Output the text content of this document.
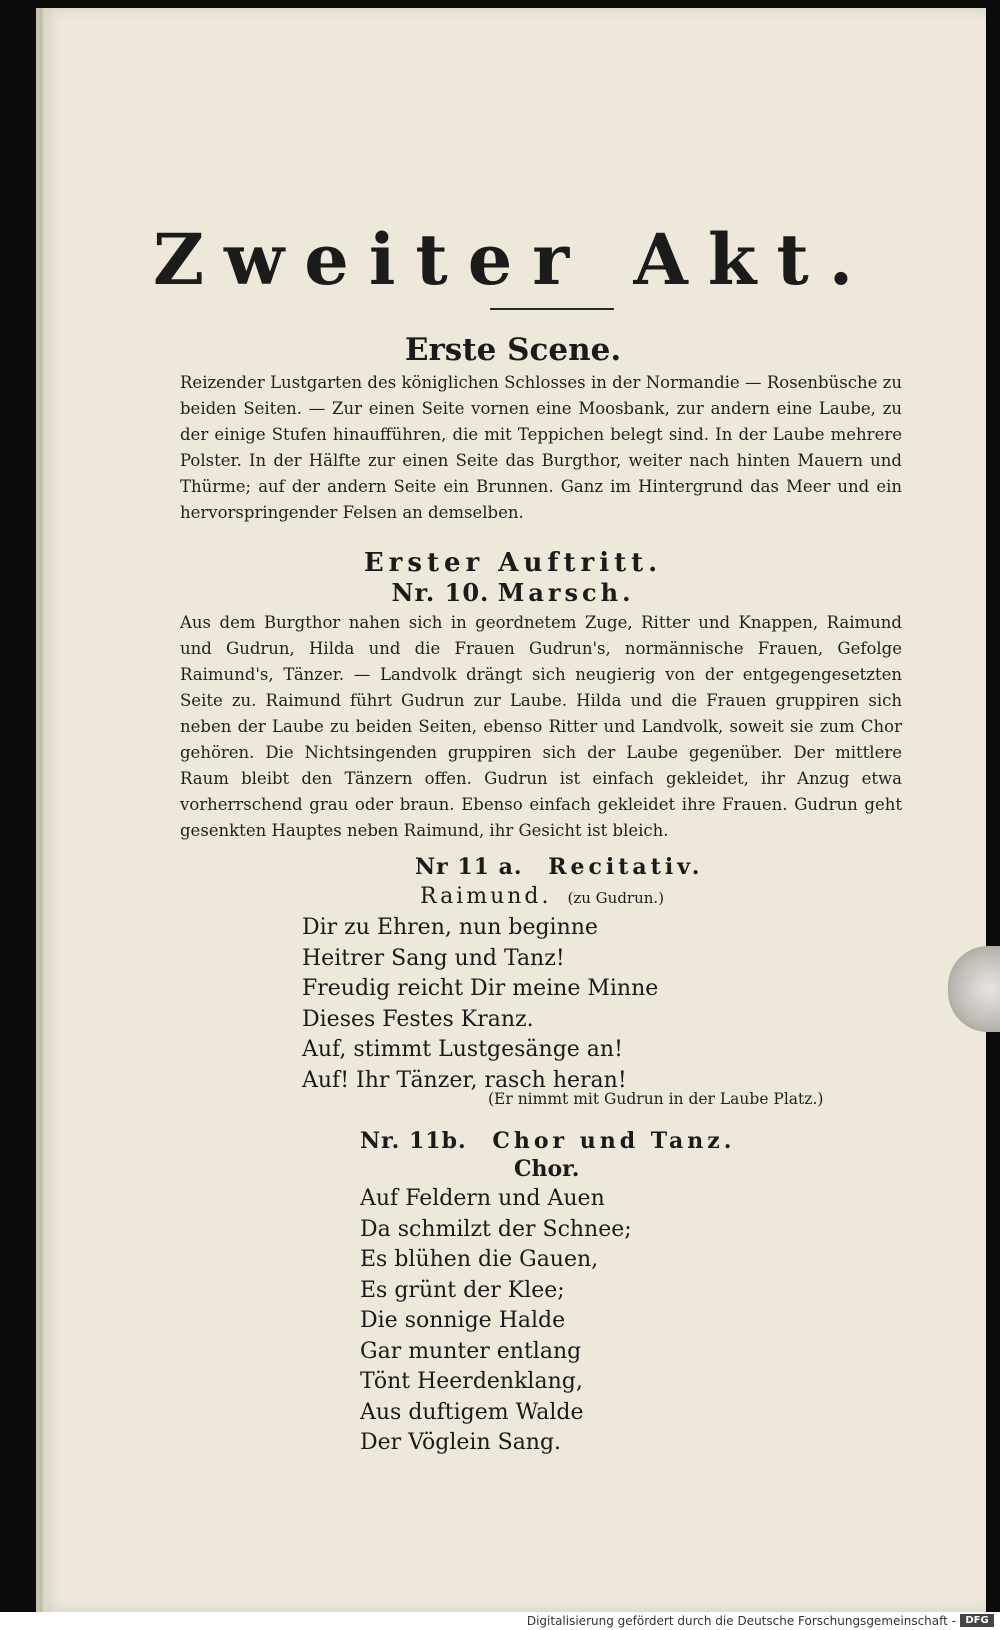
Zweiter Akt.
Erste Scene.

Reizender Lustgarten des königlichen Schlosses in der Normandie — Rosenbüsche zu beiden Seiten. — Zur einen Seite vornen eine Moosbank, zur andern eine Laube, zu der einige Stufen hinaufführen, die mit Teppichen belegt sind. In der Laube mehrere Polster. In der Hälfte zur einen Seite das Burgthor, weiter nach hinten Mauern und Thürme; auf der andern Seite ein Brunnen. Ganz im Hintergrund das Meer und ein hervorspringender Felsen an demselben.

Erster Auftritt.
Nr. 10. Marsch.

Aus dem Burgthor nahen sich in geordnetem Zuge, Ritter und Knappen, Raimund und Gudrun, Hilda und die Frauen Gudrun's, normännische Frauen, Gefolge Raimund's, Tänzer. — Landvolk drängt sich neugierig von der entgegengesetzten Seite zu. Raimund führt Gudrun zur Laube. Hilda und die Frauen gruppiren sich neben der Laube zu beiden Seiten, ebenso Ritter und Landvolk, soweit sie zum Chor gehören. Die Nichtsingenden gruppiren sich der Laube gegenüber. Der mittlere Raum bleibt den Tänzern offen. Gudrun ist einfach gekleidet, ihr Anzug etwa vorherrschend grau oder braun. Ebenso einfach gekleidet ihre Frauen. Gudrun geht gesenkten Hauptes neben Raimund, ihr Gesicht ist bleich.

Nr 11 a. Recitativ.
Raimund. (zu Gudrun.)
Dir zu Ehren, nun beginne
Heitrer Sang und Tanz!
Freudig reicht Dir meine Minne
Dieses Festes Kranz.
Auf, stimmt Lustgesänge an!
Auf! Ihr Tänzer, rasch heran!
(Er nimmt mit Gudrun in der Laube Platz.)
Nr. 11b. Chor und Tanz.
Chor.
Auf Feldern und Auen
Da schmilzt der Schnee;
Es blühen die Gauen,
Es grünt der Klee;
Die sonnige Halde
Gar munter entlang
Tönt Heerdenklang,
Aus duftigem Walde
Der Vöglein Sang.
Digitalisierung gefördert durch die Deutsche Forschungsgemeinschaft - DFG
